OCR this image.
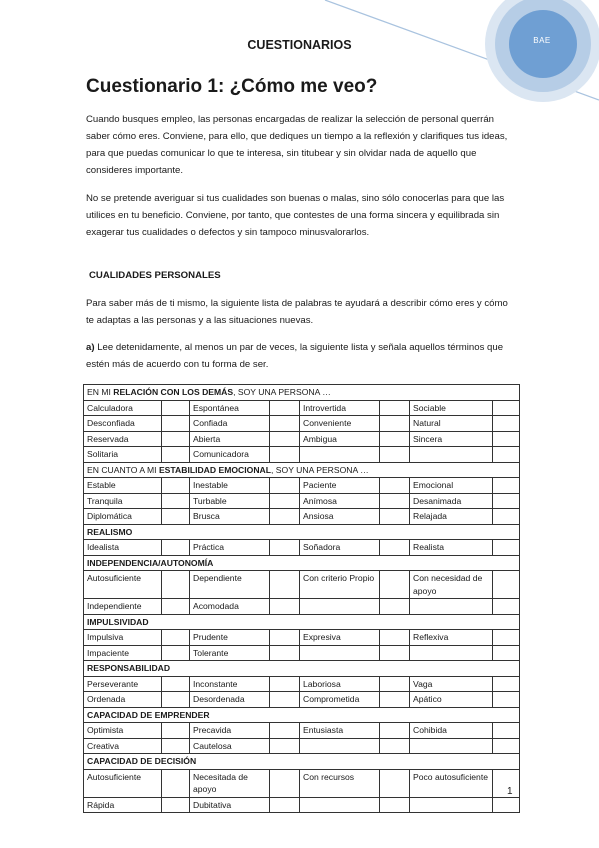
BAE
CUESTIONARIOS
Cuestionario 1: ¿Cómo me veo?
Cuando busques empleo, las personas encargadas de realizar la selección de personal querrán saber cómo eres. Conviene, para ello, que dediques un tiempo a la reflexión y clarifiques tus ideas, para que puedas comunicar lo que te interesa, sin titubear y sin olvidar nada de aquello que consideres importante.
No se pretende averiguar si tus cualidades son buenas o malas, sino sólo conocerlas para que las utilices en tu beneficio. Conviene, por tanto, que contestes de una forma sincera y equilibrada sin exagerar tus cualidades o defectos y sin tampoco minusvalorarlos.
CUALIDADES PERSONALES
Para saber más de ti mismo, la siguiente lista de palabras te ayudará a describir cómo eres y cómo te adaptas a las personas y a las situaciones nuevas.
a) Lee detenidamente, al menos un par de veces, la siguiente lista y señala aquellos términos que estén más de acuerdo con tu forma de ser.
EN MI RELACIÓN CON LOS DEMÁS, SOY UNA PERSONA …							
Calculadora		Espontánea		Introvertida		Sociable	
Desconfiada		Confiada		Conveniente		Natural	
Reservada		Abierta		Ambigua		Sincera	
Solitaria		Comunicadora					
EN CUANTO A MI ESTABILIDAD EMOCIONAL, SOY UNA PERSONA …							
Estable		Inestable		Paciente		Emocional	
Tranquila		Turbable		Anímosa		Desanimada	
Diplomática		Brusca		Ansiosa		Relajada	
REALISMO							
Idealista		Práctica		Soñadora		Realista	
INDEPENDENCIA/AUTONOMÍA							
Autosuficiente		Dependiente		Con criterio Propio		Con necesidad de apoyo	
Independiente		Acomodada					
IMPULSIVIDAD							
Impulsiva		Prudente		Expresiva		Reflexiva	
Impaciente		Tolerante					
RESPONSABILIDAD							
Perseverante		Inconstante		Laboriosa		Vaga	
Ordenada		Desordenada		Comprometida		Apático	
CAPACIDAD DE EMPRENDER							
Optimista		Precavida		Entusiasta		Cohibida	
Creativa		Cautelosa					
CAPACIDAD DE DECISIÓN							
Autosuficiente		Necesitada de apoyo		Con recursos		Poco autosuficiente	
Rápida		Dubitativa					
1
